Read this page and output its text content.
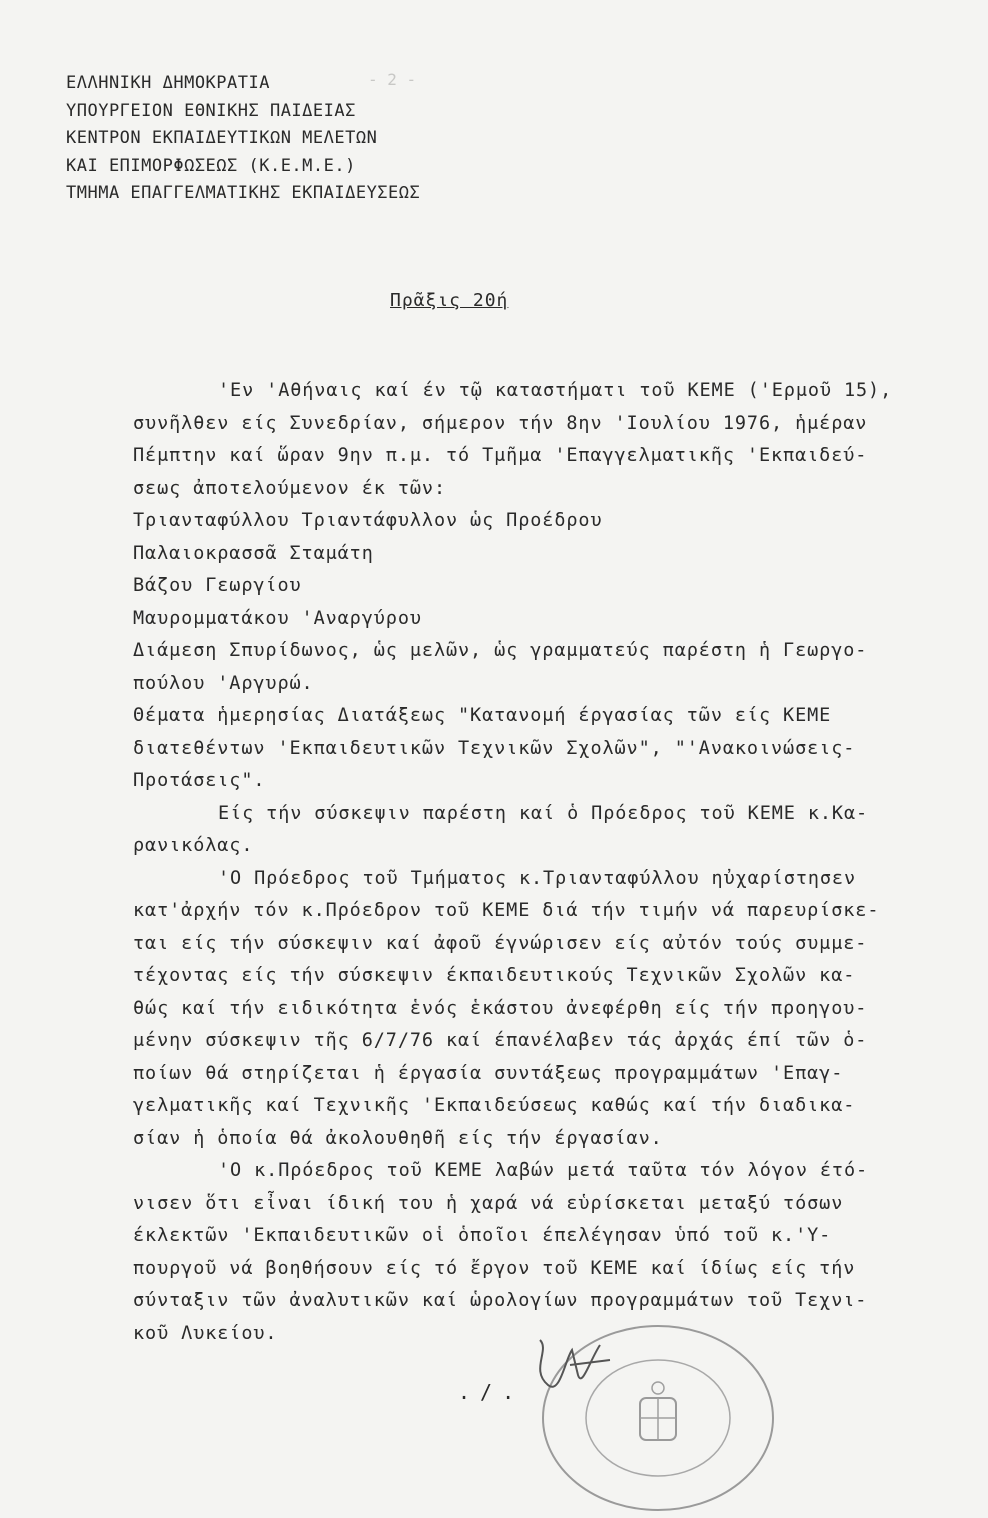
- 2 -
ΕΛΛΗΝΙΚΗ ΔΗΜΟΚΡΑΤΙΑ
ΥΠΟΥΡΓΕΙΟΝ ΕΘΝΙΚΗΣ ΠΑΙΔΕΙΑΣ
ΚΕΝΤΡΟΝ ΕΚΠΑΙΔΕΥΤΙΚΩΝ ΜΕΛΕΤΩΝ
ΚΑΙ ΕΠΙΜΟΡΦΩΣΕΩΣ (Κ.Ε.Μ.Ε.)
ΤΜΗΜΑ ΕΠΑΓΓΕΛΜΑΤΙΚΗΣ ΕΚΠΑΙΔΕΥΣΕΩΣ
Πρᾶξις 20ή
'Εν 'Αθήναις καί έν τῷ καταστήματι τοῦ ΚΕΜΕ ('Ερμοῦ 15),
συνῆλθεν είς Συνεδρίαν, σήμερον τήν 8ην 'Ιουλίου 1976, ἡμέραν
Πέμπτην καί ὥραν 9ην π.μ. τό Τμῆμα 'Επαγγελματικῆς 'Εκπαιδεύ-
σεως ἀποτελούμενον έκ τῶν:
Τριανταφύλλου Τριαντάφυλλον ὡς Προέδρου
Παλαιοκρασσᾶ Σταμάτη
Βάζου Γεωργίου
Μαυρομματάκου 'Αναργύρου
Διάμεση Σπυρίδωνος, ὡς μελῶν, ὡς γραμματεύς παρέστη ἡ Γεωργο-
πούλου 'Αργυρώ.
Θέματα ἡμερησίας Διατάξεως "Κατανομή έργασίας τῶν είς ΚΕΜΕ
διατεθέντων 'Εκπαιδευτικῶν Τεχνικῶν Σχολῶν", "'Ανακοινώσεις-
Προτάσεις".
Είς τήν σύσκεψιν παρέστη καί ὁ Πρόεδρος τοῦ ΚΕΜΕ κ.Κα-
ρανικόλας.
'Ο Πρόεδρος τοῦ Τμήματος κ.Τριανταφύλλου ηὐχαρίστησεν
κατ'ἀρχήν τόν κ.Πρόεδρον τοῦ ΚΕΜΕ διά τήν τιμήν νά παρευρίσκε-
ται είς τήν σύσκεψιν καί ἀφοῦ έγνώρισεν είς αὐτόν τούς συμμε-
τέχοντας είς τήν σύσκεψιν έκπαιδευτικούς Τεχνικῶν Σχολῶν κα-
θώς καί τήν ειδικότητα ἑνός ἑκάστου ἀνεφέρθη είς τήν προηγου-
μένην σύσκεψιν τῆς 6/7/76 καί έπανέλαβεν τάς ἀρχάς έπί τῶν ὁ-
ποίων θά στηρίζεται ἡ έργασία συντάξεως προγραμμάτων 'Επαγ-
γελματικῆς καί Τεχνικῆς 'Εκπαιδεύσεως καθώς καί τήν διαδικα-
σίαν ἡ ὁποία θά ἀκολουθηθῆ είς τήν έργασίαν.
'Ο κ.Πρόεδρος τοῦ ΚΕΜΕ λαβών μετά ταῦτα τόν λόγον έτό-
νισεν ὅτι εἶναι ίδική του ἡ χαρά νά εὑρίσκεται μεταξύ τόσων
έκλεκτῶν 'Εκπαιδευτικῶν οἱ ὁποῖοι έπελέγησαν ὑπό τοῦ κ.'Υ-
πουργοῦ νά βοηθήσουν είς τό ἔργον τοῦ ΚΕΜΕ καί ίδίως είς τήν
σύνταξιν τῶν ἀναλυτικῶν καί ὡρολογίων προγραμμάτων τοῦ Τεχνι-
κοῦ Λυκείου.
./.
